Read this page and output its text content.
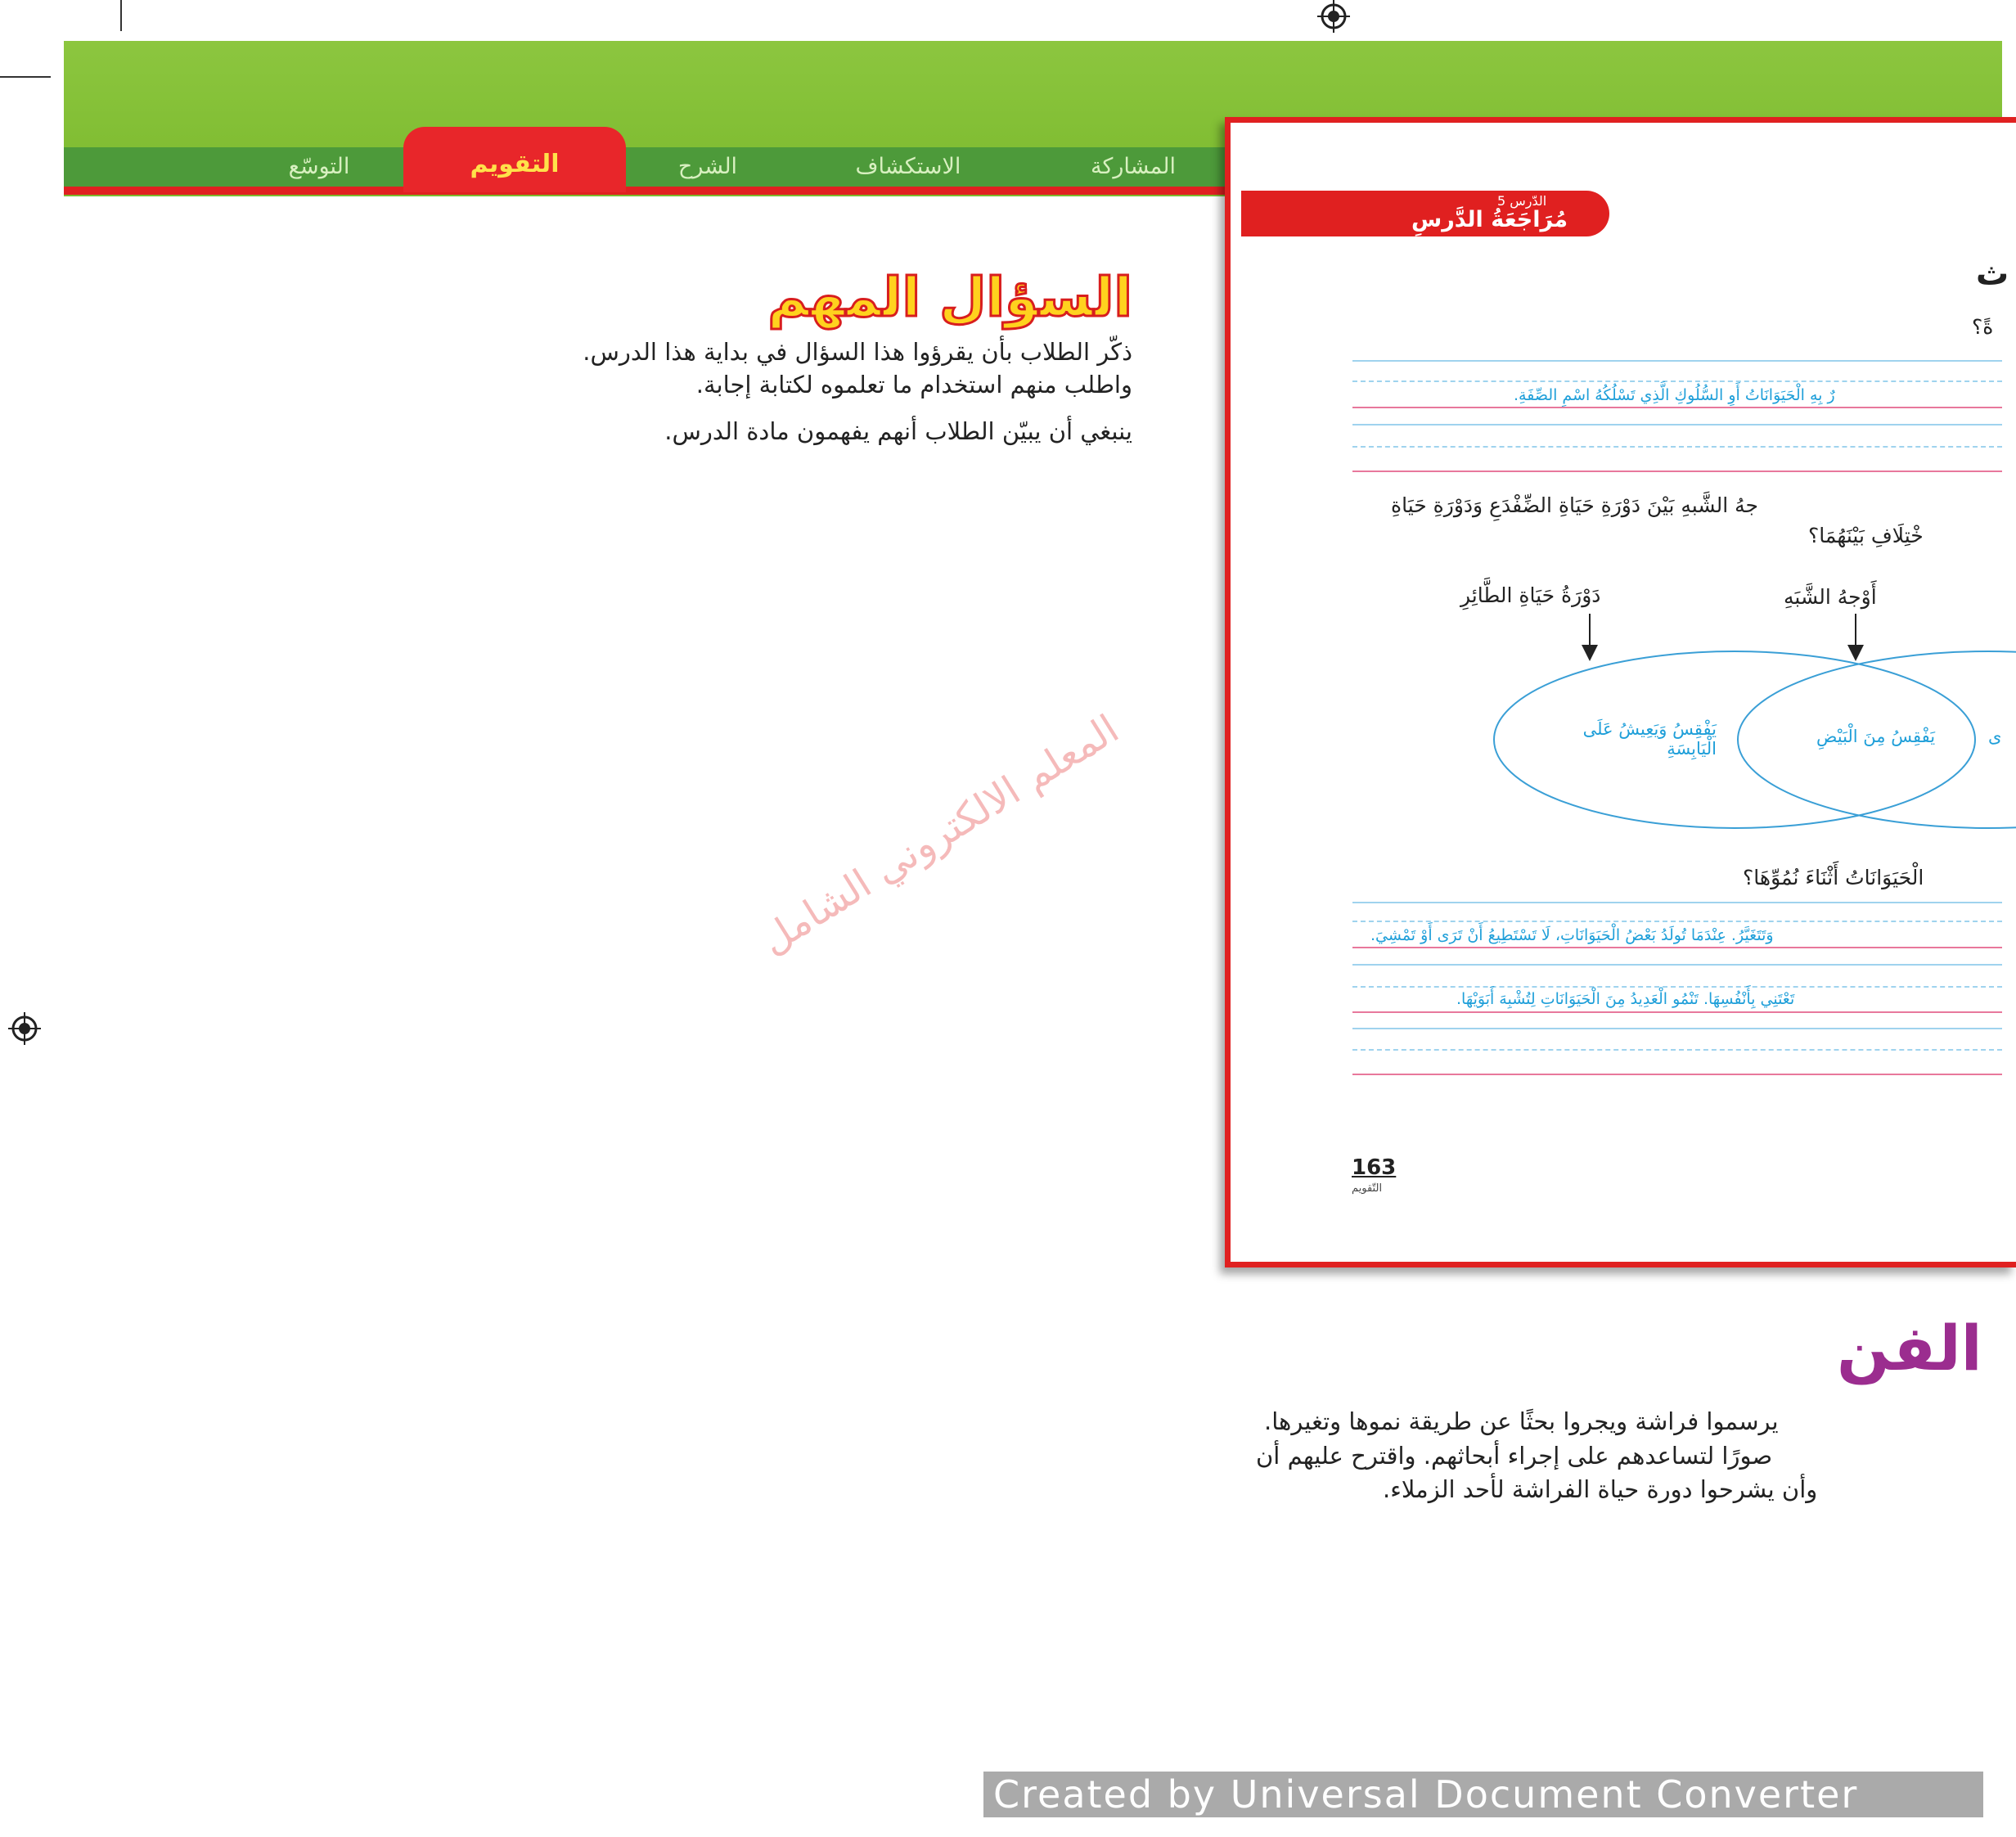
المشاركة
الاستكشاف
الشرح
التقويم
التوسّع
السؤال المهم
ذكّر الطلاب بأن يقرؤوا هذا السؤال في بداية هذا الدرس.
واطلب منهم استخدام ما تعلموه لكتابة إجابة.
ينبغي أن يبيّن الطلاب أنهم يفهمون مادة الدرس.
المعلم الالكتروني الشامل
الدّرس 5
مُرَاجَعَةُ الدَّرسِ
ث
ةً؟
رٌ بِهِ الْحَيَوَانَاتُ أَوِ السُّلُوكِ الَّذِي تَسْلُكُهُ اسْمِ الصِّفَةِ.
جهُ الشَّبهِ بَيْنَ دَوْرَةِ حَيَاةِ الضِّفْدَعِ وَدَوْرَةِ حَيَاةِ
خْتِلَافِ بَيْنَهُمَا؟
دَوْرَةُ حَيَاةِ الطَّائِرِ	أَوْجهُ الشَّبَهِ
يَفْقِسُ وَيَعِيشُ عَلَى الْيَابِسَةِ
يَفْقِسُ مِنَ الْبَيْضِ	ى
الْحَيَوَانَاتُ أَثْنَاءَ نُمُوِّهَا؟
وَتَتَغَيَّرُ. عِنْدَمَا تُولَدُ بَعْضُ الْحَيَوَانَاتِ، لَا تَسْتَطِيعُ أَنْ تَرَى أَوْ تَمْشِيَ.
تَعْتَنِي بِأَنْفُسِهَا. تَنْمُو الْعَدِيدُ مِنَ الْحَيَوَانَاتِ لِتُشْبِهَ أَبَوَيْهَا.
163
التّقويم
الفن
يرسموا فراشة ويجروا بحثًا عن طريقة نموها وتغيرها.
صورًا لتساعدهم على إجراء أبحاثهم. واقترح عليهم أن
وأن يشرحوا دورة حياة الفراشة لأحد الزملاء.
Created by Universal Document Converter
